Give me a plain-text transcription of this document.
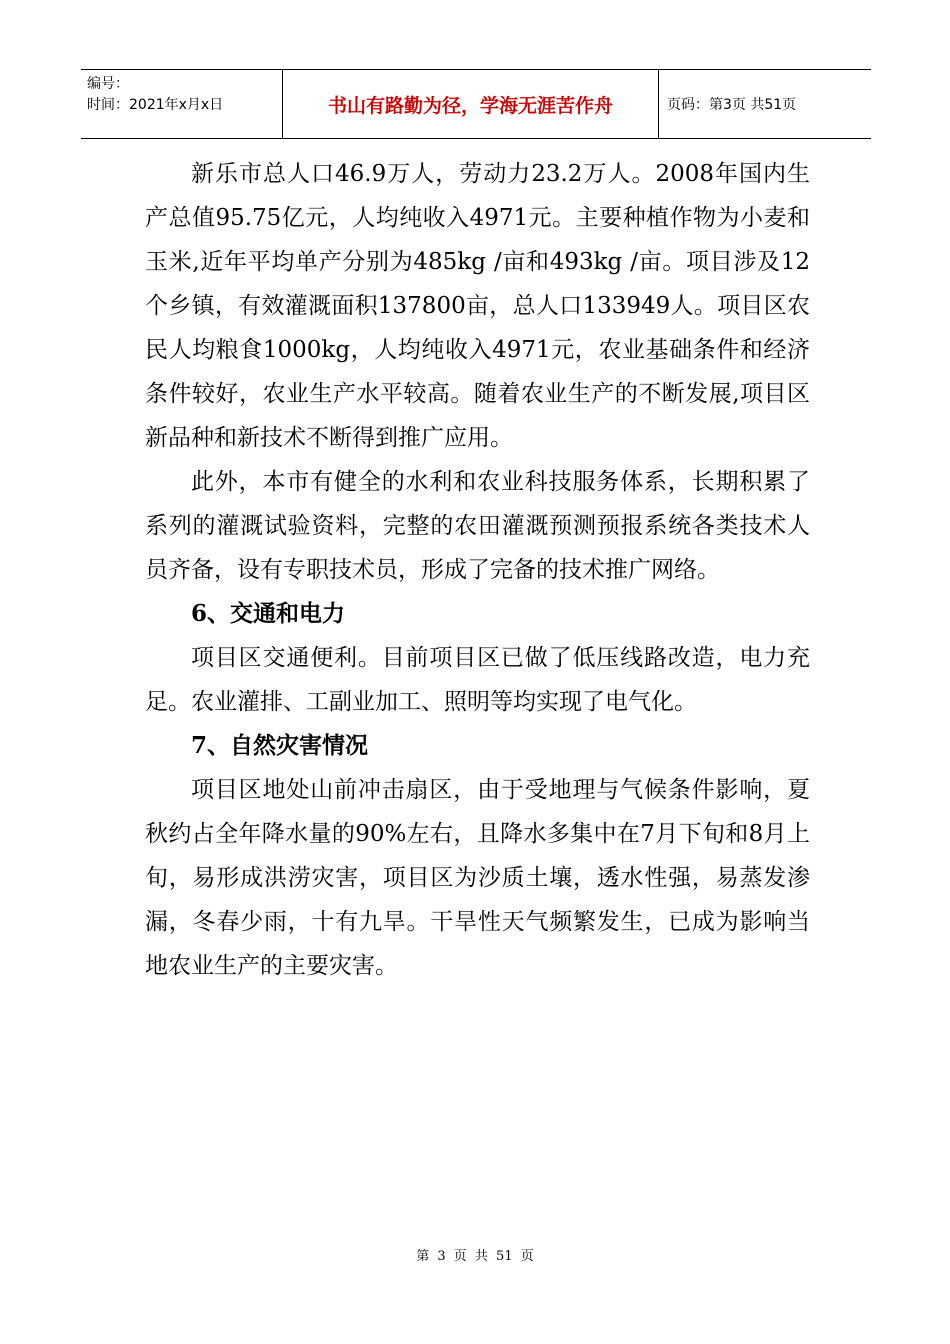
编号：
时间：2021年x月x日	书山有路勤为径，学海无涯苦作舟	页码：第3页 共51页

新乐市总人口46.9万人，劳动力23.2万人。2008年国内生产总值95.75亿元，人均纯收入4971元。主要种植作物为小麦和玉米,近年平均单产分别为485kg /亩和493kg /亩。项目涉及12个乡镇，有效灌溉面积137800亩，总人口133949人。项目区农民人均粮食1000kg，人均纯收入4971元，农业基础条件和经济条件较好，农业生产水平较高。随着农业生产的不断发展,项目区新品种和新技术不断得到推广应用。

此外，本市有健全的水利和农业科技服务体系，长期积累了系列的灌溉试验资料，完整的农田灌溉预测预报系统各类技术人员齐备，设有专职技术员，形成了完备的技术推广网络。

6、交通和电力

项目区交通便利。目前项目区已做了低压线路改造，电力充足。农业灌排、工副业加工、照明等均实现了电气化。

7、自然灾害情况

项目区地处山前冲击扇区，由于受地理与气候条件影响，夏秋约占全年降水量的90%左右，且降水多集中在7月下旬和8月上旬，易形成洪涝灾害，项目区为沙质土壤，透水性强，易蒸发渗漏，冬春少雨，十有九旱。干旱性天气频繁发生，已成为影响当地农业生产的主要灾害。

第 3 页 共 51 页
